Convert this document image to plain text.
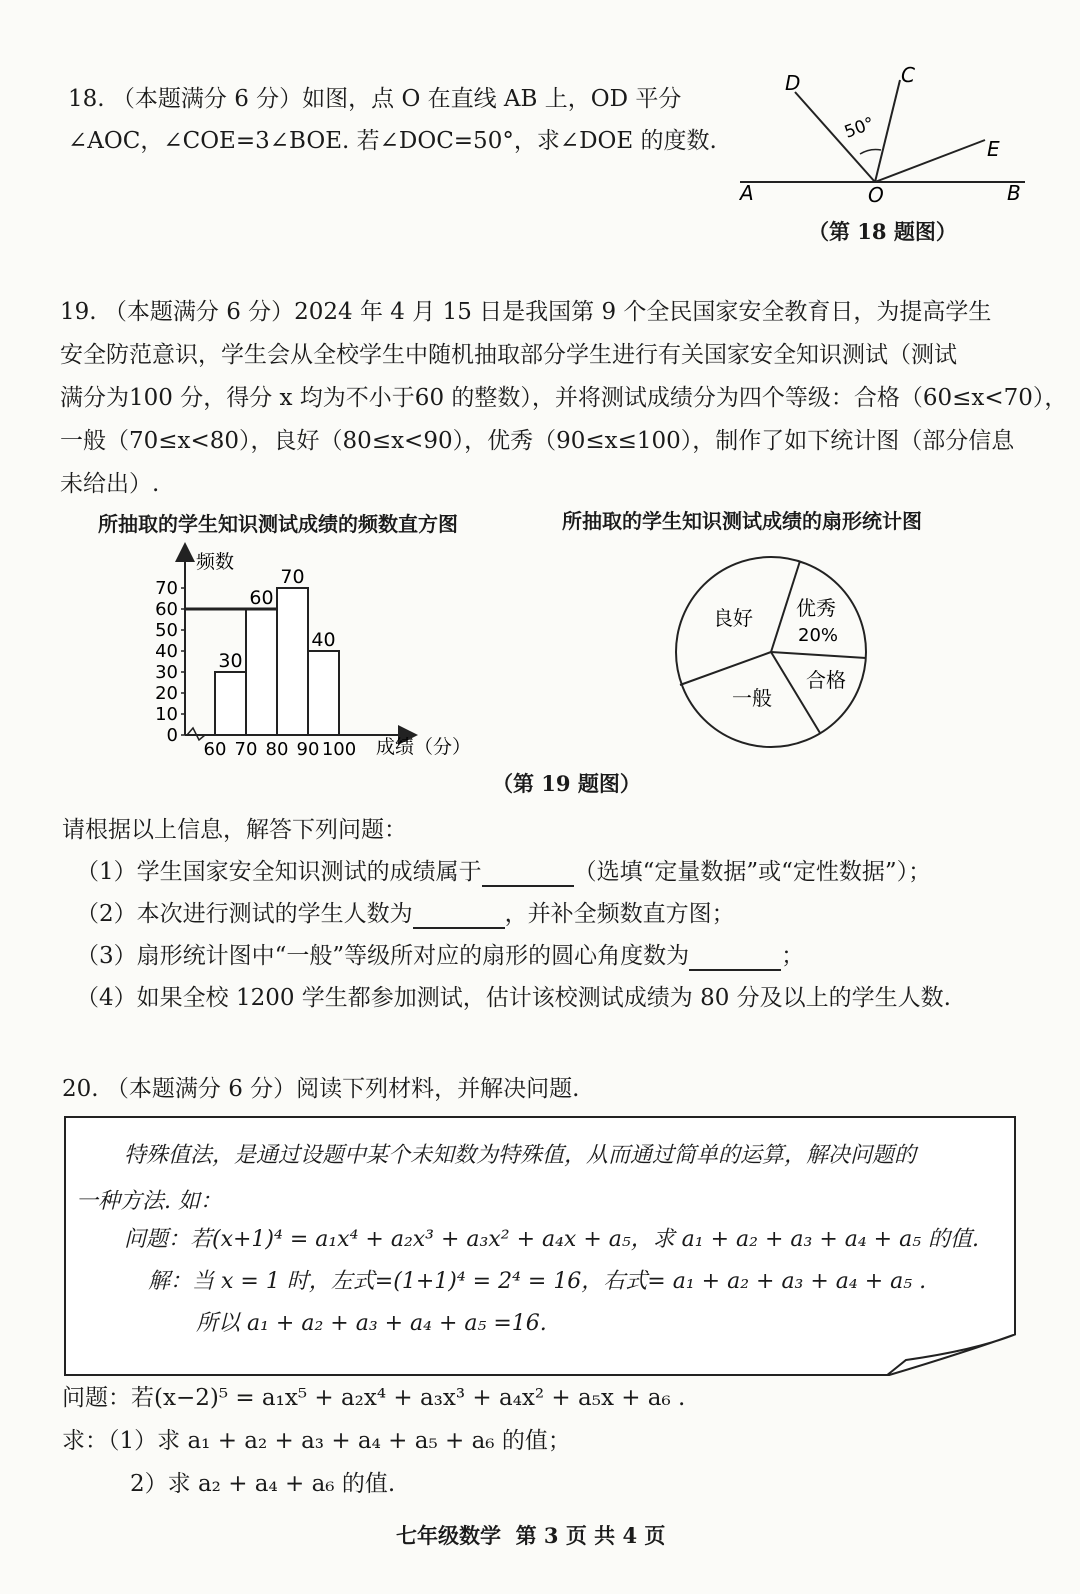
18. （本题满分 6 分）如图，点 O 在直线 AB 上，OD 平分
∠AOC，∠COE=3∠BOE. 若∠DOC=50°，求∠DOE 的度数.
D	C
E
A	B
O
50°
（第 18 题图）
19. （本题满分 6 分）2024 年 4 月 15 日是我国第 9 个全民国家安全教育日，为提高学生
安全防范意识，学生会从全校学生中随机抽取部分学生进行有关国家安全知识测试（测试
满分为100 分，得分 x 均为不小于60 的整数），并将测试成绩分为四个等级：合格（60≤x<70），
一般（70≤x<80），良好（80≤x<90），优秀（90≤x≤100），制作了如下统计图（部分信息
未给出）.
所抽取的学生知识测试成绩的频数直方图	所抽取的学生知识测试成绩的扇形统计图
频数
成绩（分）
0
10
20
30
40
50
60
70
60 70 80 90 100
30
60
70
40
良好 优秀
20%
合格
一般
（第 19 题图）
请根据以上信息，解答下列问题：
（1）学生国家安全知识测试的成绩属于	（选填“定量数据”或“定性数据”）；
（2）本次进行测试的学生人数为	，并补全频数直方图；
（3）扇形统计图中“一般”等级所对应的扇形的圆心角度数为	；
（4）如果全校 1200 学生都参加测试，估计该校测试成绩为 80 分及以上的学生人数.
20. （本题满分 6 分）阅读下列材料，并解决问题.
特殊值法，是通过设题中某个未知数为特殊值，从而通过简单的运算，解决问题的
一种方法. 如：
问题：若(x+1)⁴ = a₁x⁴ + a₂x³ + a₃x² + a₄x + a₅，求 a₁ + a₂ + a₃ + a₄ + a₅ 的值.
解：当 x = 1 时，左式=(1+1)⁴ = 2⁴ = 16，右式= a₁ + a₂ + a₃ + a₄ + a₅ .
所以 a₁ + a₂ + a₃ + a₄ + a₅ =16.
问题：若(x−2)⁵ = a₁x⁵ + a₂x⁴ + a₃x³ + a₄x² + a₅x + a₆ .
求：（1）求 a₁ + a₂ + a₃ + a₄ + a₅ + a₆ 的值；
2）求 a₂ + a₄ + a₆ 的值.
七年级数学  第 3 页 共 4 页
